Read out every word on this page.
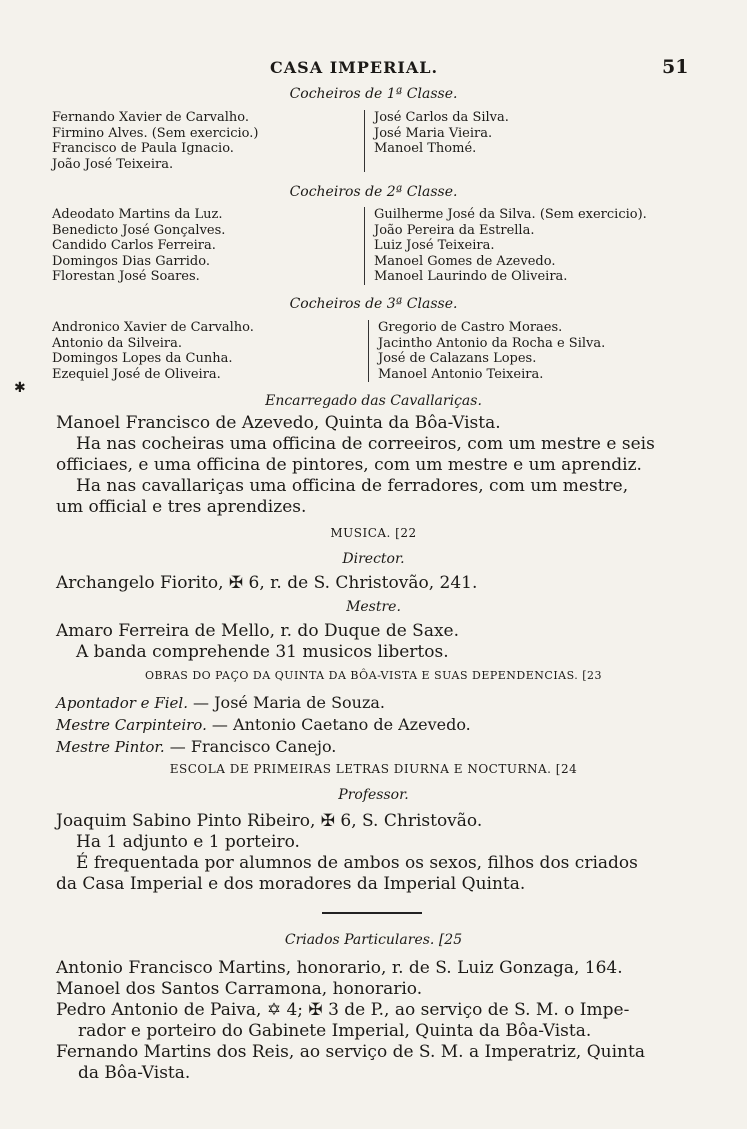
CASA IMPERIAL.	51
Cocheiros de 1ª Classe.
Fernando Xavier de Carvalho.
Firmino Alves. (Sem exercicio.)
Francisco de Paula Ignacio.
João José Teixeira.
José Carlos da Silva.
José Maria Vieira.
Manoel Thomé.
Cocheiros de 2ª Classe.
Adeodato Martins da Luz.
Benedicto José Gonçalves.
Candido Carlos Ferreira.
Domingos Dias Garrido.
Florestan José Soares.
Guilherme José da Silva. (Sem exercicio).
João Pereira da Estrella.
Luiz José Teixeira.
Manoel Gomes de Azevedo.
Manoel Laurindo de Oliveira.
Cocheiros de 3ª Classe.
Andronico Xavier de Carvalho.
Antonio da Silveira.
Domingos Lopes da Cunha.
Ezequiel José de Oliveira.
Gregorio de Castro Moraes.
Jacintho Antonio da Rocha e Silva.
José de Calazans Lopes.
Manoel Antonio Teixeira.
Encarregado das Cavallariças.
Manoel Francisco de Azevedo, Quinta da Bôa-Vista.
Ha nas cocheiras uma officina de correeiros, com um mestre e seis
officiaes, e uma officina de pintores, com um mestre e um aprendiz.
Ha nas cavallariças uma officina de ferradores, com um mestre,
um official e tres aprendizes.
MUSICA. [22
Director.
Archangelo Fiorito, ✠ 6, r. de S. Christovão, 241.
Mestre.
Amaro Ferreira de Mello, r. do Duque de Saxe.
A banda comprehende 31 musicos libertos.
OBRAS DO PAÇO DA QUINTA DA BÔA-VISTA E SUAS DEPENDENCIAS. [23
Apontador e Fiel. — José Maria de Souza.
Mestre Carpinteiro. — Antonio Caetano de Azevedo.
Mestre Pintor. — Francisco Canejo.
ESCOLA DE PRIMEIRAS LETRAS DIURNA E NOCTURNA. [24
Professor.
Joaquim Sabino Pinto Ribeiro, ✠ 6, S. Christovão.
Ha 1 adjunto e 1 porteiro.
É frequentada por alumnos de ambos os sexos, filhos dos criados
da Casa Imperial e dos moradores da Imperial Quinta.
Criados Particulares. [25
Antonio Francisco Martins, honorario, r. de S. Luiz Gonzaga, 164.
Manoel dos Santos Carramona, honorario.
Pedro Antonio de Paiva, ✡ 4; ✠ 3 de P., ao serviço de S. M. o Impe-
rador e porteiro do Gabinete Imperial, Quinta da Bôa-Vista.
Fernando Martins dos Reis, ao serviço de S. M. a Imperatriz, Quinta
da Bôa-Vista.
✱
